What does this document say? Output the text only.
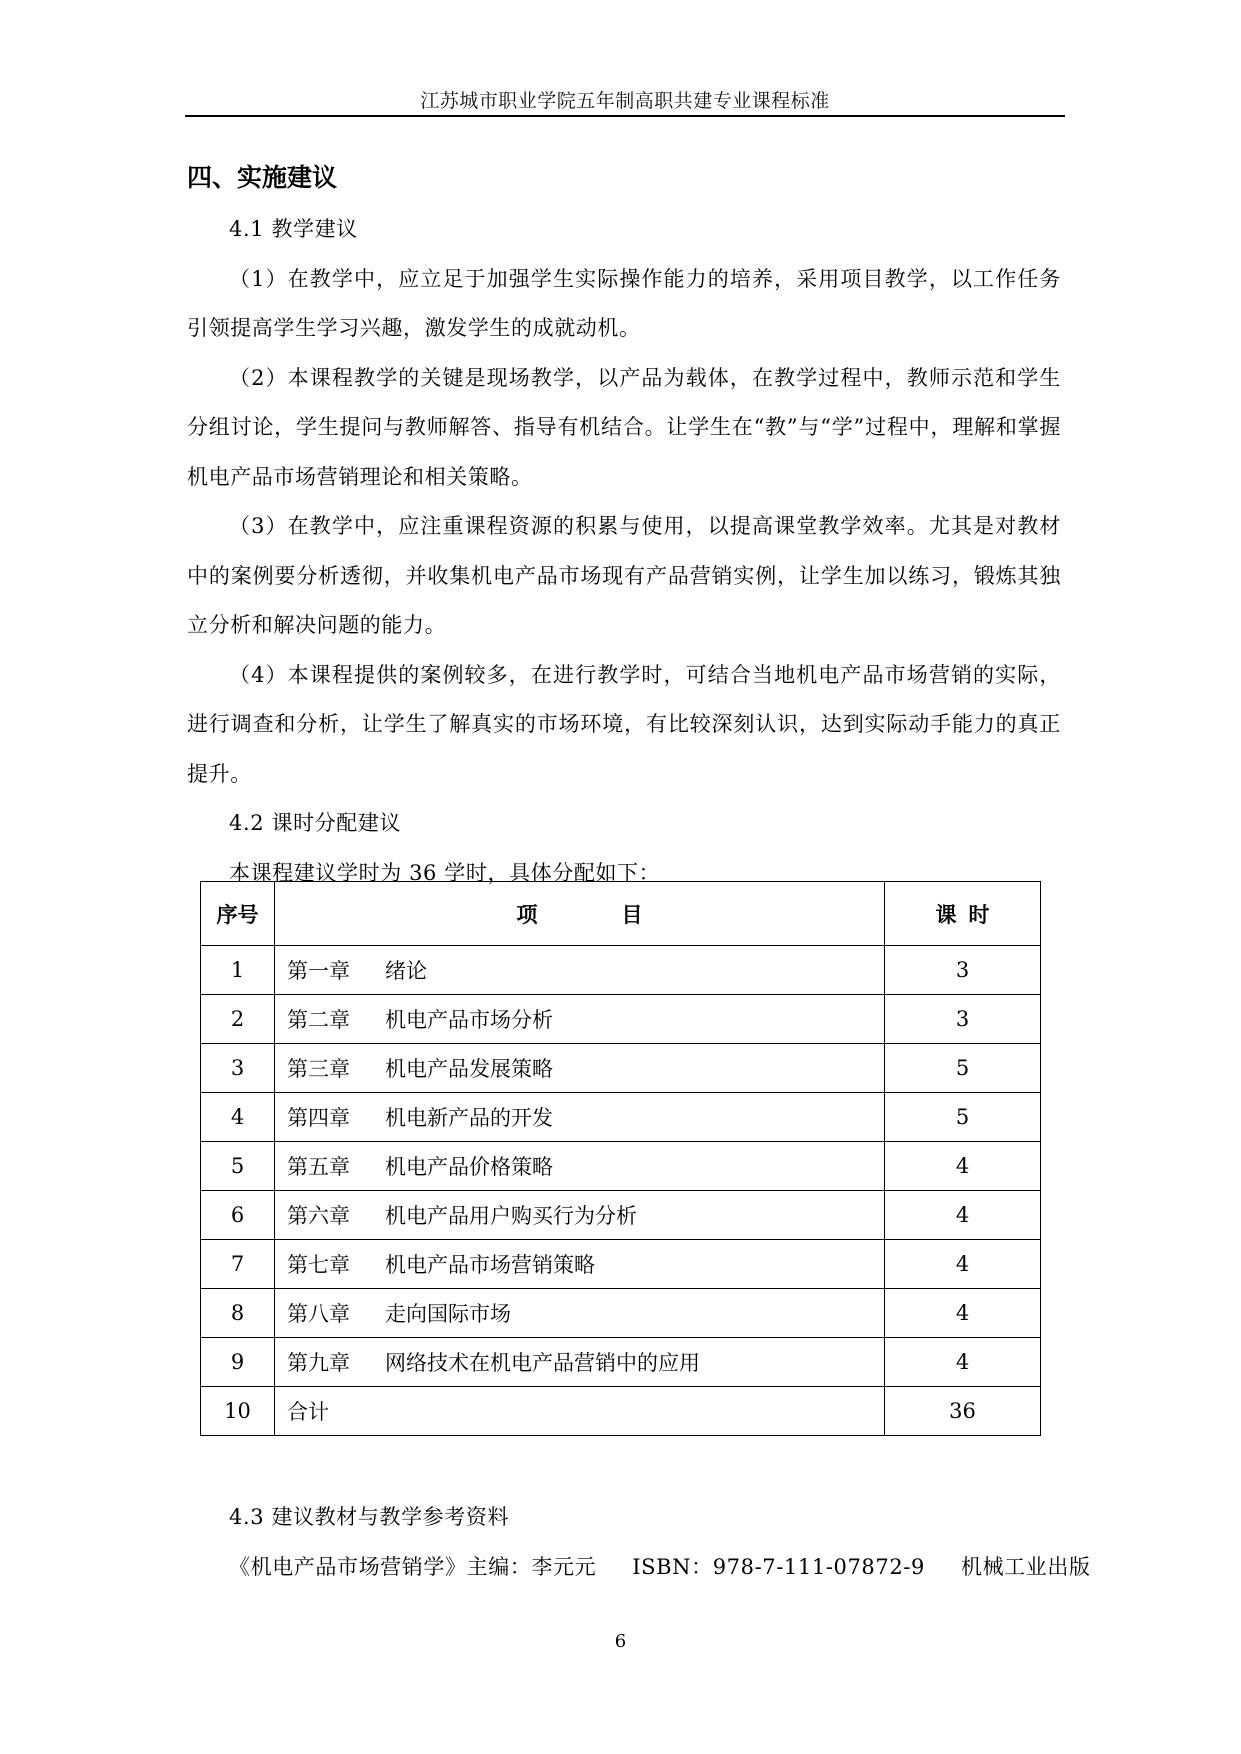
江苏城市职业学院五年制高职共建专业课程标准
四、实施建议

4.1 教学建议

（1）在教学中，应立足于加强学生实际操作能力的培养，采用项目教学，以工作任务引领提高学生学习兴趣，激发学生的成就动机。

（2）本课程教学的关键是现场教学，以产品为载体，在教学过程中，教师示范和学生分组讨论，学生提问与教师解答、指导有机结合。让学生在“教”与“学”过程中，理解和掌握机电产品市场营销理论和相关策略。

（3）在教学中，应注重课程资源的积累与使用，以提高课堂教学效率。尤其是对教材中的案例要分析透彻，并收集机电产品市场现有产品营销实例，让学生加以练习，锻炼其独立分析和解决问题的能力。

（4）本课程提供的案例较多，在进行教学时，可结合当地机电产品市场营销的实际，进行调查和分析，让学生了解真实的市场环境，有比较深刻认识，达到实际动手能力的真正提升。

4.2 课时分配建议

本课程建议学时为 36 学时，具体分配如下：

序号	项目	课时
1	第一章 绪论	3
2	第二章 机电产品市场分析	3
3	第三章 机电产品发展策略	5
4	第四章 机电新产品的开发	5
5	第五章 机电产品价格策略	4
6	第六章 机电产品用户购买行为分析	4
7	第七章 机电产品市场营销策略	4
8	第八章 走向国际市场	4
9	第九章 网络技术在机电产品营销中的应用	4
10	合计	36

4.3 建议教材与教学参考资料

《机电产品市场营销学》主编：李元元 ISBN：978-7-111-07872-9 机械工业出版

6
